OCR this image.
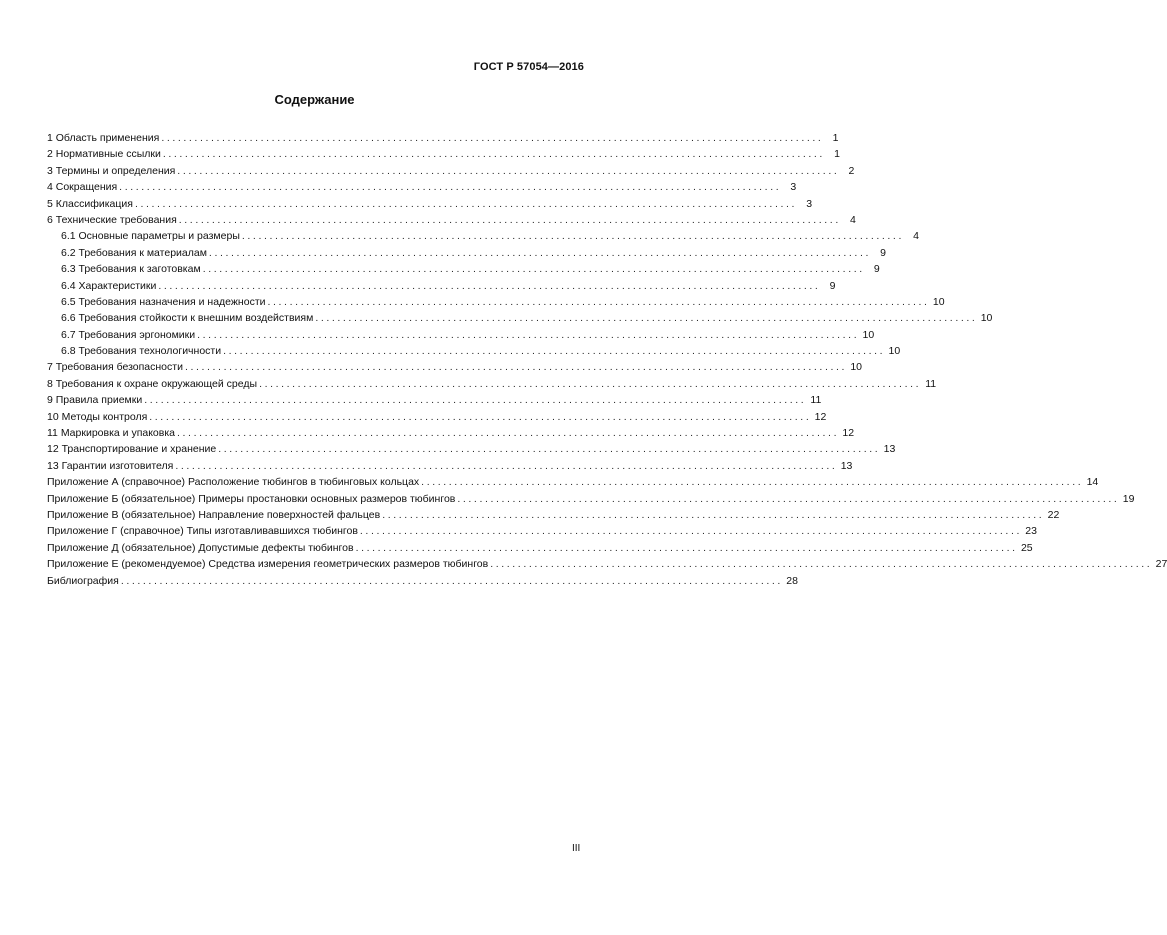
ГОСТ Р 57054—2016
Содержание
1 Область применения ........................................................................................................................ 1
2 Нормативные ссылки ........................................................................................................................ 1
3 Термины и определения ........................................................................................................................ 2
4 Сокращения ........................................................................................................................ 3
5 Классификация ........................................................................................................................ 3
6 Технические требования ........................................................................................................................ 4
6.1 Основные параметры и размеры ........................................................................................................................ 4
6.2 Требования к материалам ........................................................................................................................ 9
6.3 Требования к заготовкам ........................................................................................................................ 9
6.4 Характеристики ........................................................................................................................ 9
6.5 Требования назначения и надежности ........................................................................................................................ 10
6.6 Требования стойкости к внешним воздействиям ........................................................................................................................ 10
6.7 Требования эргономики ........................................................................................................................ 10
6.8 Требования технологичности ........................................................................................................................ 10
7 Требования безопасности ........................................................................................................................ 10
8 Требования к охране окружающей среды ........................................................................................................................ 11
9 Правила приемки ........................................................................................................................ 11
10 Методы контроля ........................................................................................................................ 12
11 Маркировка и упаковка ........................................................................................................................ 12
12 Транспортирование и хранение ........................................................................................................................ 13
13 Гарантии изготовителя ........................................................................................................................ 13
Приложение А (справочное) Расположение тюбингов в тюбинговых кольцах ........................................................................................................................ 14
Приложение Б (обязательное) Примеры простановки основных размеров тюбингов ........................................................................................................................ 19
Приложение В (обязательное) Направление поверхностей фальцев ........................................................................................................................ 22
Приложение Г (справочное) Типы изготавливавшихся тюбингов ........................................................................................................................ 23
Приложение Д (обязательное) Допустимые дефекты тюбингов ........................................................................................................................ 25
Приложение Е (рекомендуемое) Средства измерения геометрических размеров тюбингов ........................................................................................................................ 27
Библиография ........................................................................................................................ 28
III
